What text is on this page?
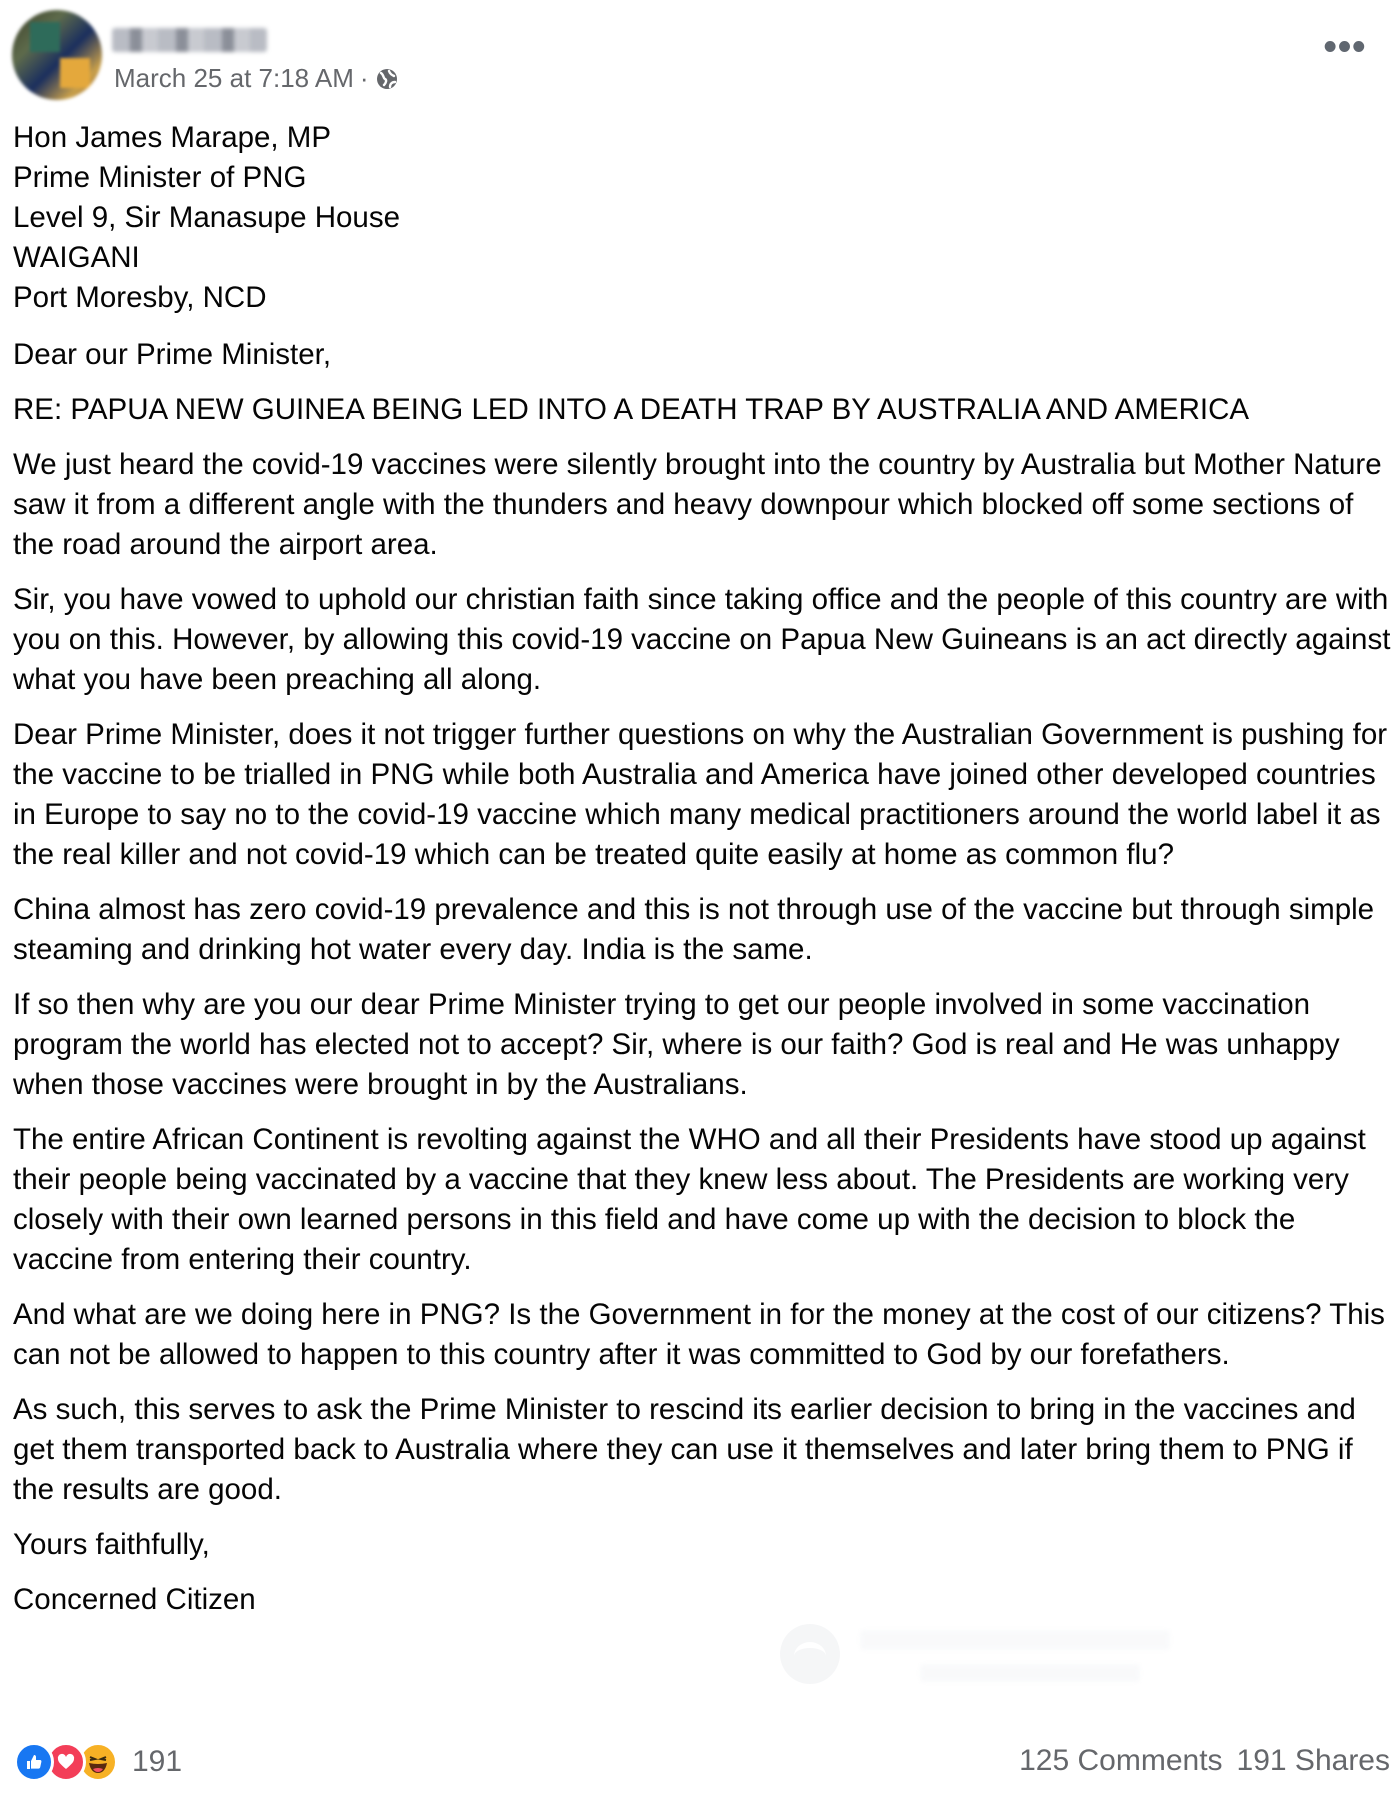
March 25 at 7:18 AM ·
•••
Hon James Marape, MP
Prime Minister of PNG
Level 9, Sir Manasupe House
WAIGANI
Port Moresby, NCD

Dear our Prime Minister,

RE: PAPUA NEW GUINEA BEING LED INTO A DEATH TRAP BY AUSTRALIA AND AMERICA

We just heard the covid-19 vaccines were silently brought into the country by Australia but Mother Nature saw it from a different angle with the thunders and heavy downpour which blocked off some sections of the road around the airport area.

Sir, you have vowed to uphold our christian faith since taking office and the people of this country are with you on this. However, by allowing this covid-19 vaccine on Papua New Guineans is an act directly against what you have been preaching all along.

Dear Prime Minister, does it not trigger further questions on why the Australian Government is pushing for the vaccine to be trialled in PNG while both Australia and America have joined other developed countries in Europe to say no to the covid-19 vaccine which many medical practitioners around the world label it as the real killer and not covid-19 which can be treated quite easily at home as common flu?

China almost has zero covid-19 prevalence and this is not through use of the vaccine but through simple steaming and drinking hot water every day. India is the same.

If so then why are you our dear Prime Minister trying to get our people involved in some vaccination program the world has elected not to accept? Sir, where is our faith? God is real and He was unhappy when those vaccines were brought in by the Australians.

The entire African Continent is revolting against the WHO and all their Presidents have stood up against their people being vaccinated by a vaccine that they knew less about. The Presidents are working very closely with their own learned persons in this field and have come up with the decision to block the vaccine from entering their country.

And what are we doing here in PNG? Is the Government in for the money at the cost of our citizens? This can not be allowed to happen to this country after it was committed to God by our forefathers.

As such, this serves to ask the Prime Minister to rescind its earlier decision to bring in the vaccines and get them transported back to Australia where they can use it themselves and later bring them to PNG if the results are good.

Yours faithfully,

Concerned Citizen

191	125 Comments 191 Shares
